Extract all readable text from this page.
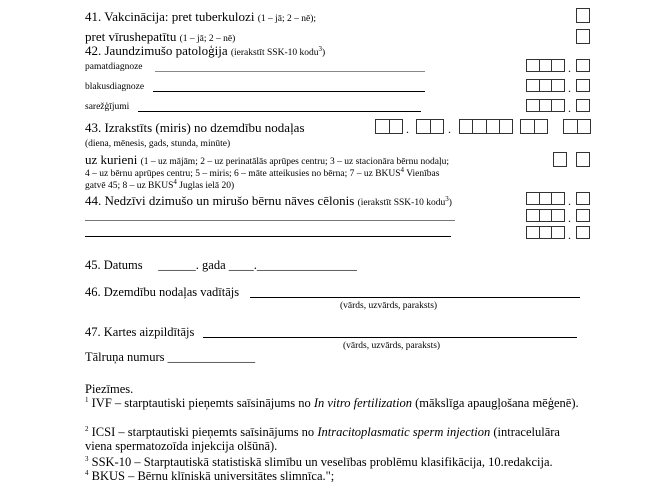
41. Vakcinācija: pret tuberkulozi (1 – jā; 2 – nē);
pret vīrushepatītu (1 – jā; 2 – nē)
42. Jaundzimušo patoloģija (ierakstīt SSK-10 kodu$^3$)
pamatdiagnoze
blakusdiagnoze
sarežģījumi
.
.
.
43. Izrakstīts (miris) no dzemdību nodaļas
(diena, mēnesis, gads, stunda, minūte)
.	.
uz kurieni (1 – uz mājām; 2 – uz perinatālās aprūpes centru; 3 – uz stacionāra bērnu nodaļu;
4 – uz bērnu aprūpes centru; 5 – miris; 6 – māte atteikusies no bērna; 7 – uz BKUS$^4$ Vienības
gatvē 45; 8 – uz BKUS$^4$ Juglas ielā 20)
44. Nedzīvi dzimušo un mirušo bērnu nāves cēlonis (ierakstīt SSK-10 kodu$^3$)	.
.
.
45. Datums ______. gada ____.________________
46. Dzemdību nodaļas vadītājs
(vārds, uzvārds, paraksts)
47. Kartes aizpildītājs
(vārds, uzvārds, paraksts)
Tālruņa numurs ______________
Piezīmes.
$^1$ IVF – starptautiski pieņemts saīsinājums no In vitro fertilization (mākslīga apaugļošana mēģenē).
$^2$ ICSI – starptautiski pieņemts saīsinājums no Intracitoplasmatic sperm injection (intracelulāra viena spermatozoīda injekcija olšūnā).
$^3$ SSK-10 – Starptautiskā statistiskā slimību un veselības problēmu klasifikācija, 10.redakcija.
$^4$ BKUS – Bērnu klīniskā universitātes slimnīca.";
